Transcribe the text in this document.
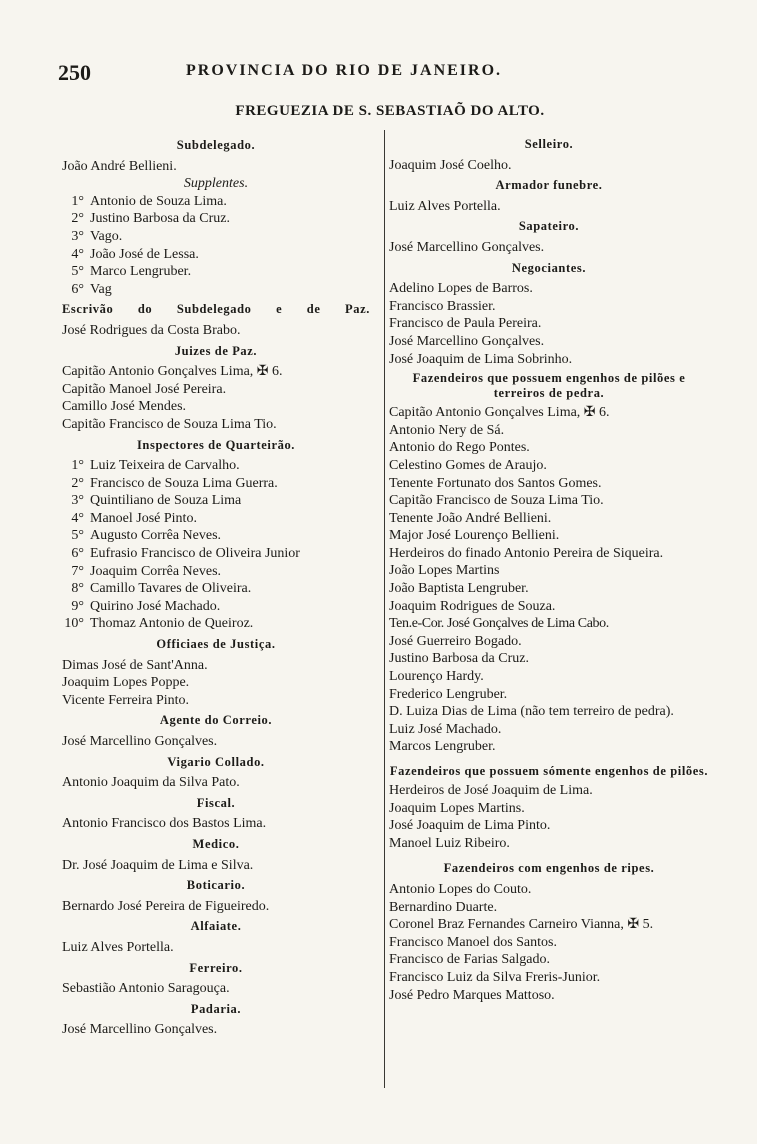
250	PROVINCIA DO RIO DE JANEIRO.
FREGUEZIA DE S. SEBASTIAÕ DO ALTO.
Subdelegado.
João André Bellieni.
Supplentes.
1° Antonio de Souza Lima.
2° Justino Barbosa da Cruz.
3° Vago.
4° João José de Lessa.
5° Marco Lengruber.
6° Vag
Escrivão do Subdelegado e de Paz.
José Rodrigues da Costa Brabo.
Juizes de Paz.
Capitão Antonio Gonçalves Lima, ✠ 6.
Capitão Manoel José Pereira.
Camillo José Mendes.
Capitão Francisco de Souza Lima Tio.
Inspectores de Quarteirão.
1° Luiz Teixeira de Carvalho.
2° Francisco de Souza Lima Guerra.
3° Quintiliano de Souza Lima
4° Manoel José Pinto.
5° Augusto Corrêa Neves.
6° Eufrasio Francisco de Oliveira Junior
7° Joaquim Corrêa Neves.
8° Camillo Tavares de Oliveira.
9° Quirino José Machado.
10° Thomaz Antonio de Queiroz.
Officiaes de Justiça.
Dimas José de Sant'Anna.
Joaquim Lopes Poppe.
Vicente Ferreira Pinto.
Agente do Correio.
José Marcellino Gonçalves.
Vigario Collado.
Antonio Joaquim da Silva Pato.
Fiscal.
Antonio Francisco dos Bastos Lima.
Medico.
Dr. José Joaquim de Lima e Silva.
Boticario.
Bernardo José Pereira de Figueiredo.
Alfaiate.
Luiz Alves Portella.
Ferreiro.
Sebastião Antonio Saragouça.
Padaria.
José Marcellino Gonçalves.
Selleiro.
Joaquim José Coelho.
Armador funebre.
Luiz Alves Portella.
Sapateiro.
José Marcellino Gonçalves.
Negociantes.
Adelino Lopes de Barros.
Francisco Brassier.
Francisco de Paula Pereira.
José Marcellino Gonçalves.
José Joaquim de Lima Sobrinho.
Fazendeiros que possuem engenhos de pilões e terreiros de pedra.
Capitão Antonio Gonçalves Lima, ✠ 6.
Antonio Nery de Sá.
Antonio do Rego Pontes.
Celestino Gomes de Araujo.
Tenente Fortunato dos Santos Gomes.
Capitão Francisco de Souza Lima Tio.
Tenente João André Bellieni.
Major José Lourenço Bellieni.
Herdeiros do finado Antonio Pereira de Siqueira.
João Lopes Martins
João Baptista Lengruber.
Joaquim Rodrigues de Souza.
Ten.e-Cor. José Gonçalves de Lima Cabo.
José Guerreiro Bogado.
Justino Barbosa da Cruz.
Lourenço Hardy.
Frederico Lengruber.
D. Luiza Dias de Lima (não tem terreiro de pedra).
Luiz José Machado.
Marcos Lengruber.
Fazendeiros que possuem sómente engenhos de pilões.
Herdeiros de José Joaquim de Lima.
Joaquim Lopes Martins.
José Joaquim de Lima Pinto.
Manoel Luiz Ribeiro.
Fazendeiros com engenhos de ripes.
Antonio Lopes do Couto.
Bernardino Duarte.
Coronel Braz Fernandes Carneiro Vianna, ✠ 5.
Francisco Manoel dos Santos.
Francisco de Farias Salgado.
Francisco Luiz da Silva Freris-Junior.
José Pedro Marques Mattoso.
